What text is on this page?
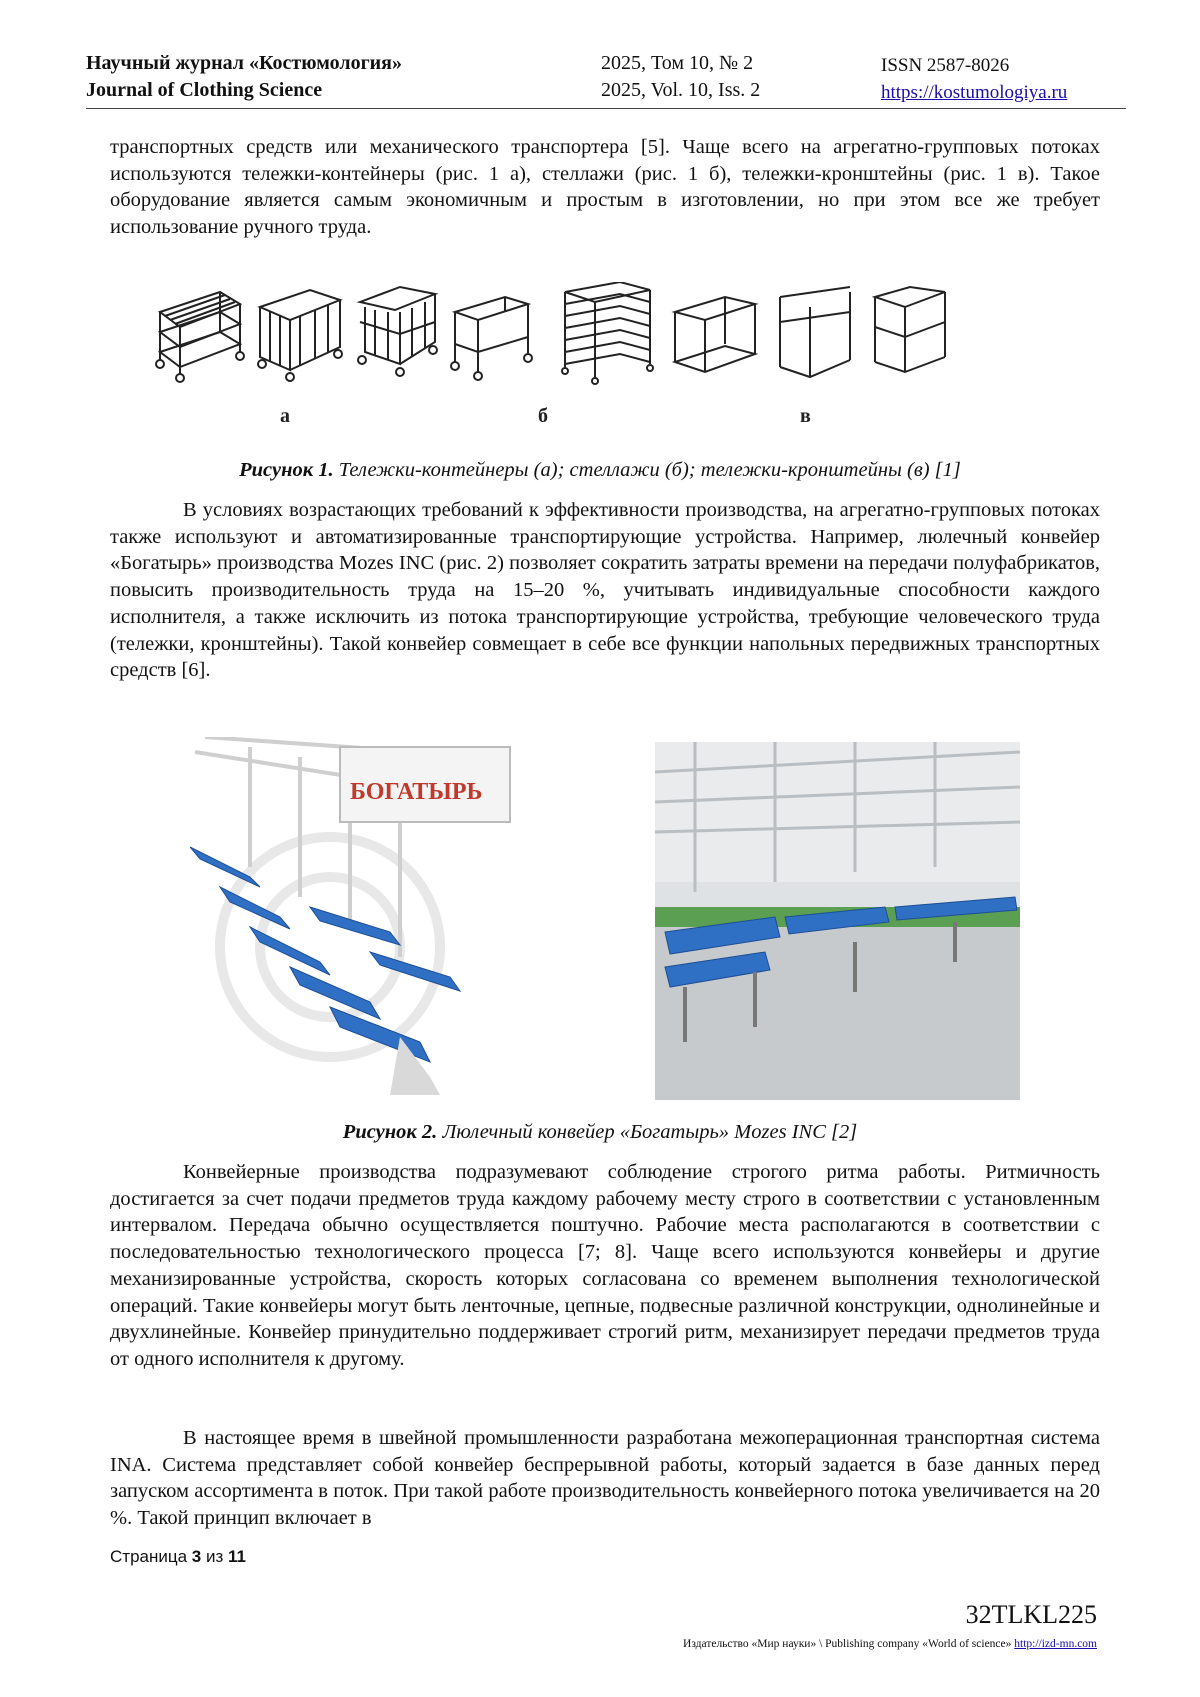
Научный журнал «Костюмология»
Journal of Clothing Science
2025, Том 10, № 2
2025, Vol. 10, Iss. 2
ISSN 2587-8026
https://kostumologiya.ru

транспортных средств или механического транспортера [5]. Чаще всего на агрегатно-групповых потоках используются тележки-контейнеры (рис. 1 а), стеллажи (рис. 1 б), тележки-кронштейны (рис. 1 в). Такое оборудование является самым экономичным и простым в изготовлении, но при этом все же требует использование ручного труда.

а	б	в
Рисунок 1. Тележки-контейнеры (а); стеллажи (б); тележки-кронштейны (в) [1]

В условиях возрастающих требований к эффективности производства, на агрегатно-групповых потоках также используют и автоматизированные транспортирующие устройства. Например, люлечный конвейер «Богатырь» производства Mozes INC (рис. 2) позволяет сократить затраты времени на передачи полуфабрикатов, повысить производительность труда на 15–20 %, учитывать индивидуальные способности каждого исполнителя, а также исключить из потока транспортирующие устройства, требующие человеческого труда (тележки, кронштейны). Такой конвейер совмещает в себе все функции напольных передвижных транспортных средств [6].

БОГАТЫРЬ
Рисунок 2. Люлечный конвейер «Богатырь» Mozes INC [2]

Конвейерные производства подразумевают соблюдение строгого ритма работы. Ритмичность достигается за счет подачи предметов труда каждому рабочему месту строго в соответствии с установленным интервалом. Передача обычно осуществляется поштучно. Рабочие места располагаются в соответствии с последовательностью технологического процесса [7; 8]. Чаще всего используются конвейеры и другие механизированные устройства, скорость которых согласована со временем выполнения технологической операций. Такие конвейеры могут быть ленточные, цепные, подвесные различной конструкции, однолинейные и двухлинейные. Конвейер принудительно поддерживает строгий ритм, механизирует передачи предметов труда от одного исполнителя к другому.

В настоящее время в швейной промышленности разработана межоперационная транспортная система INA. Система представляет собой конвейер беспрерывной работы, который задается в базе данных перед запуском ассортимента в поток. При такой работе производительность конвейерного потока увеличивается на 20 %. Такой принцип включает в

Страница 3 из 11
32TLKL225
Издательство «Мир науки» \ Publishing company «World of science» http://izd-mn.com
